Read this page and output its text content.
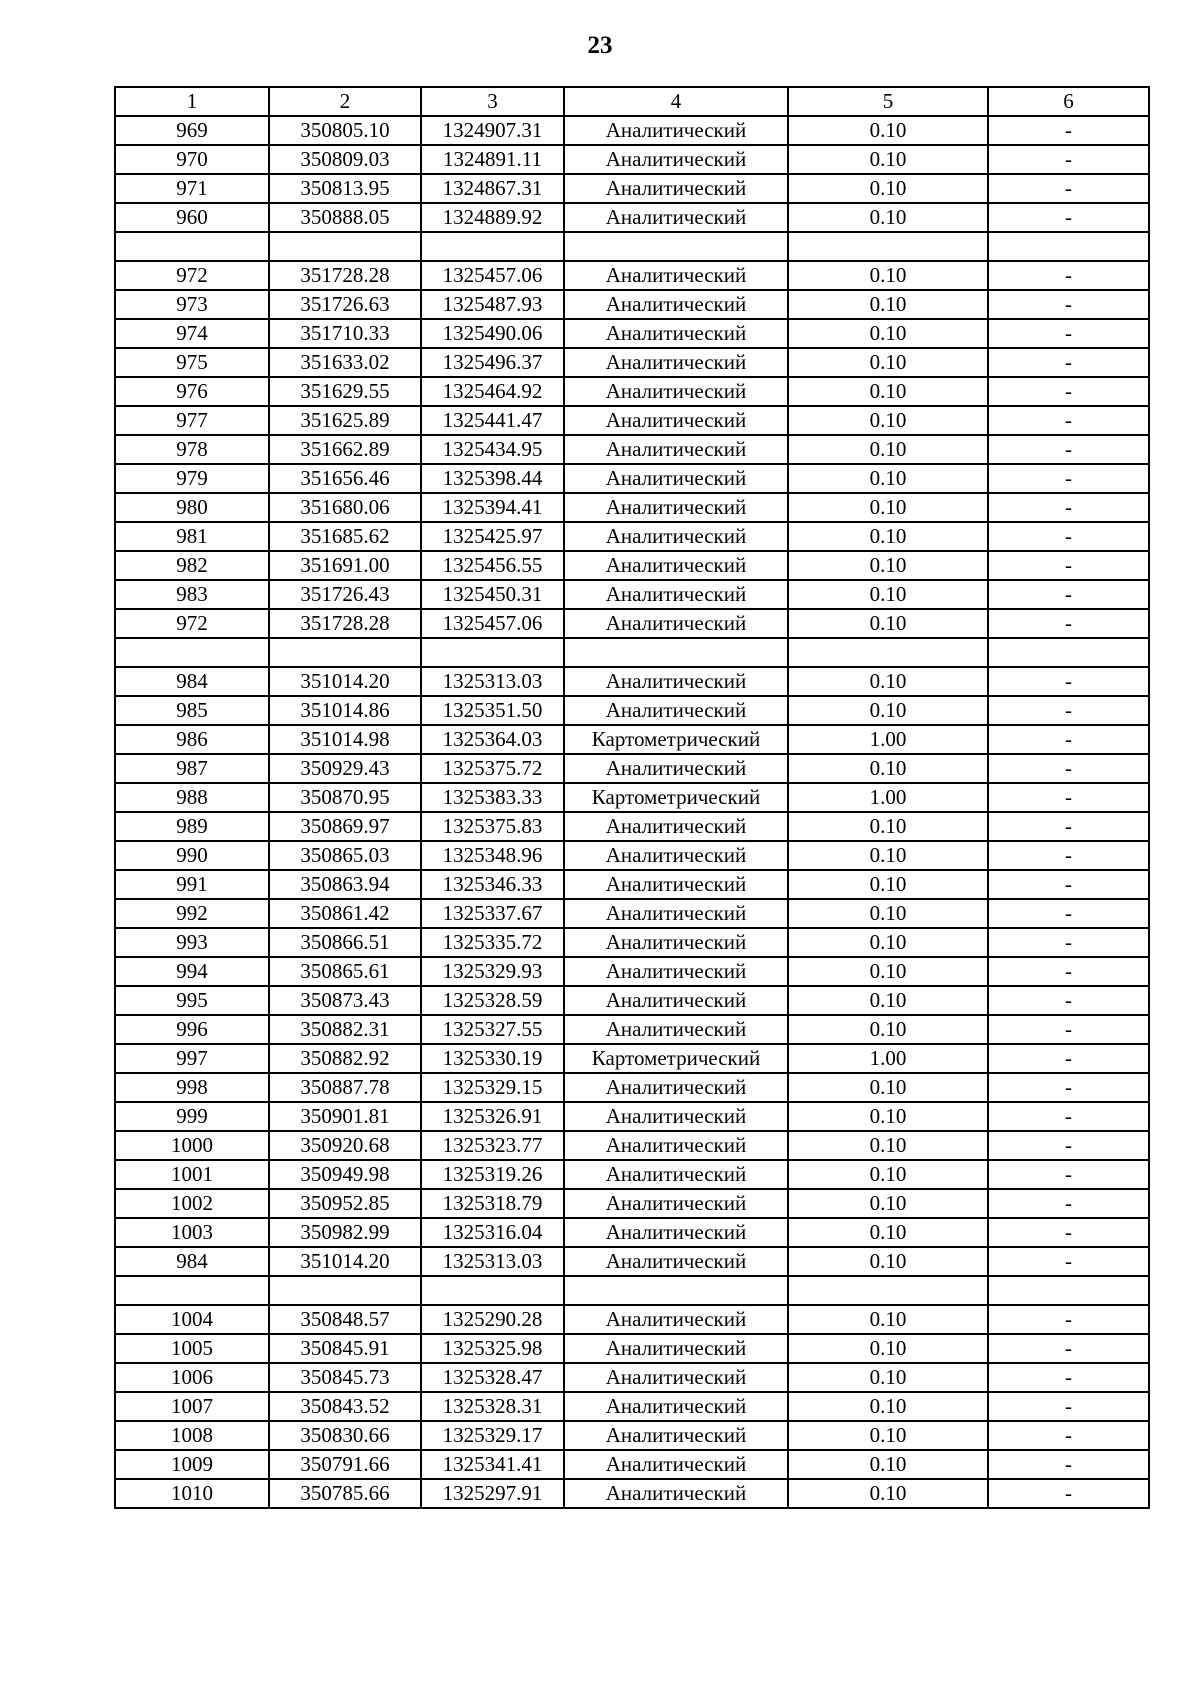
23
1	2	3	4	5	6
969	350805.10	1324907.31	Аналитический	0.10	-
970	350809.03	1324891.11	Аналитический	0.10	-
971	350813.95	1324867.31	Аналитический	0.10	-
960	350888.05	1324889.92	Аналитический	0.10	-

972	351728.28	1325457.06	Аналитический	0.10	-
973	351726.63	1325487.93	Аналитический	0.10	-
974	351710.33	1325490.06	Аналитический	0.10	-
975	351633.02	1325496.37	Аналитический	0.10	-
976	351629.55	1325464.92	Аналитический	0.10	-
977	351625.89	1325441.47	Аналитический	0.10	-
978	351662.89	1325434.95	Аналитический	0.10	-
979	351656.46	1325398.44	Аналитический	0.10	-
980	351680.06	1325394.41	Аналитический	0.10	-
981	351685.62	1325425.97	Аналитический	0.10	-
982	351691.00	1325456.55	Аналитический	0.10	-
983	351726.43	1325450.31	Аналитический	0.10	-
972	351728.28	1325457.06	Аналитический	0.10	-

984	351014.20	1325313.03	Аналитический	0.10	-
985	351014.86	1325351.50	Аналитический	0.10	-
986	351014.98	1325364.03	Картометрический	1.00	-
987	350929.43	1325375.72	Аналитический	0.10	-
988	350870.95	1325383.33	Картометрический	1.00	-
989	350869.97	1325375.83	Аналитический	0.10	-
990	350865.03	1325348.96	Аналитический	0.10	-
991	350863.94	1325346.33	Аналитический	0.10	-
992	350861.42	1325337.67	Аналитический	0.10	-
993	350866.51	1325335.72	Аналитический	0.10	-
994	350865.61	1325329.93	Аналитический	0.10	-
995	350873.43	1325328.59	Аналитический	0.10	-
996	350882.31	1325327.55	Аналитический	0.10	-
997	350882.92	1325330.19	Картометрический	1.00	-
998	350887.78	1325329.15	Аналитический	0.10	-
999	350901.81	1325326.91	Аналитический	0.10	-
1000	350920.68	1325323.77	Аналитический	0.10	-
1001	350949.98	1325319.26	Аналитический	0.10	-
1002	350952.85	1325318.79	Аналитический	0.10	-
1003	350982.99	1325316.04	Аналитический	0.10	-
984	351014.20	1325313.03	Аналитический	0.10	-

1004	350848.57	1325290.28	Аналитический	0.10	-
1005	350845.91	1325325.98	Аналитический	0.10	-
1006	350845.73	1325328.47	Аналитический	0.10	-
1007	350843.52	1325328.31	Аналитический	0.10	-
1008	350830.66	1325329.17	Аналитический	0.10	-
1009	350791.66	1325341.41	Аналитический	0.10	-
1010	350785.66	1325297.91	Аналитический	0.10	-
